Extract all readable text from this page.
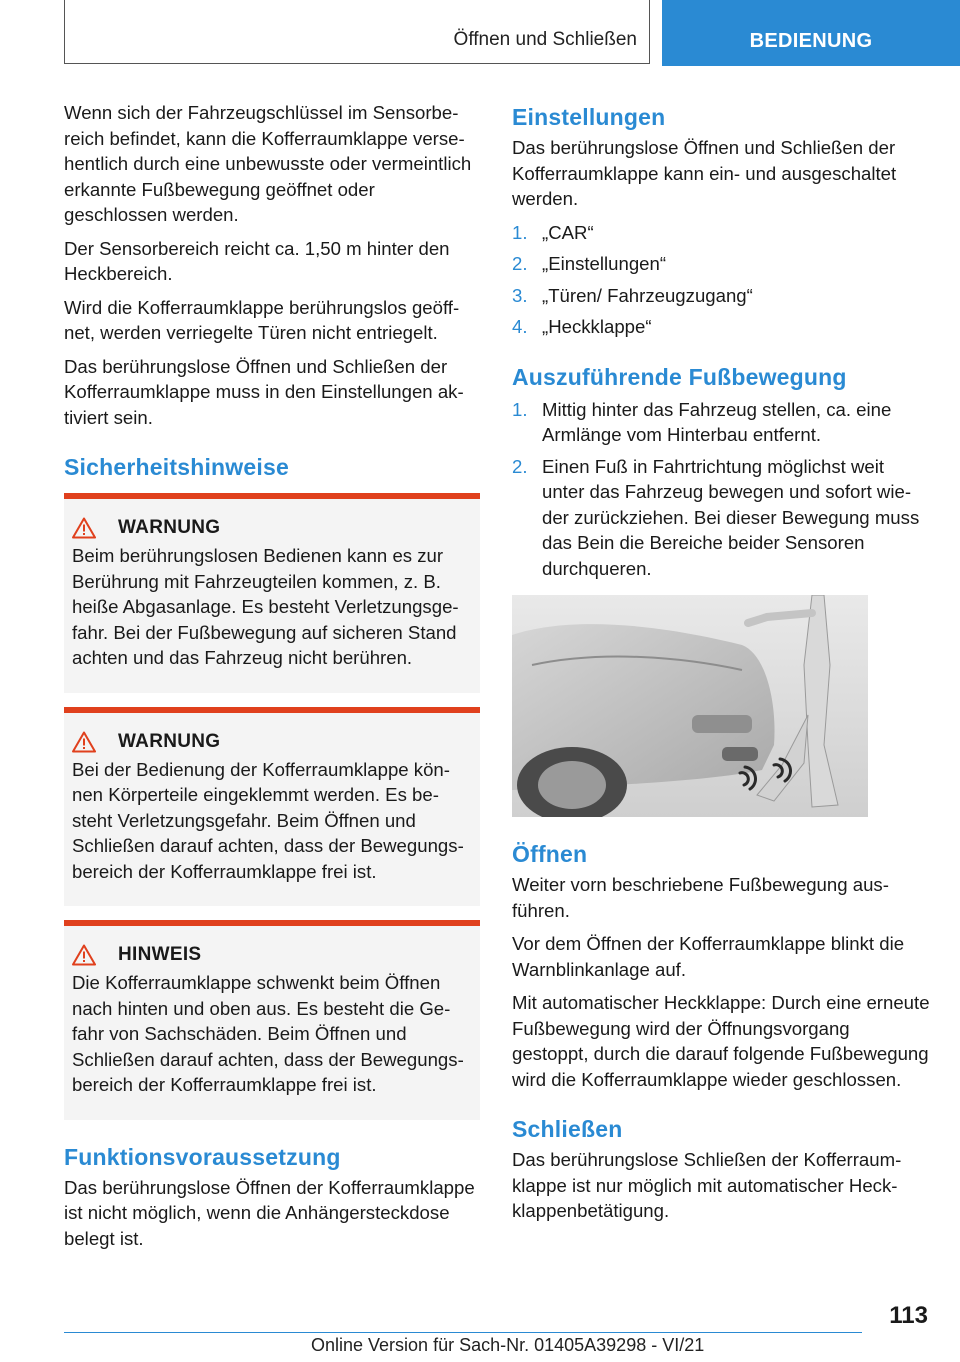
Öffnen und Schließen	BEDIENUNG

Wenn sich der Fahrzeugschlüssel im Sensorbereich befindet, kann die Kofferraumklappe versehentlich durch eine unbewusste oder vermeintlich erkannte Fußbewegung geöffnet oder geschlossen werden.

Der Sensorbereich reicht ca. 1,50 m hinter den Heckbereich.

Wird die Kofferraumklappe berührungslos geöffnet, werden verriegelte Türen nicht entriegelt.

Das berührungslose Öffnen und Schließen der Kofferraumklappe muss in den Einstellungen aktiviert sein.

Sicherheitshinweise
WARNUNG
Beim berührungslosen Bedienen kann es zur Berührung mit Fahrzeugteilen kommen, z. B. heiße Abgasanlage. Es besteht Verletzungsgefahr. Bei der Fußbewegung auf sicheren Stand achten und das Fahrzeug nicht berühren.
WARNUNG
Bei der Bedienung der Kofferraumklappe können Körperteile eingeklemmt werden. Es besteht Verletzungsgefahr. Beim Öffnen und Schließen darauf achten, dass der Bewegungsbereich der Kofferraumklappe frei ist.
HINWEIS
Die Kofferraumklappe schwenkt beim Öffnen nach hinten und oben aus. Es besteht die Gefahr von Sachschäden. Beim Öffnen und Schließen darauf achten, dass der Bewegungsbereich der Kofferraumklappe frei ist.
Funktionsvoraussetzung

Das berührungslose Öffnen der Kofferraumklappe ist nicht möglich, wenn die Anhängersteckdose belegt ist.

Einstellungen

Das berührungslose Öffnen und Schließen der Kofferraumklappe kann ein- und ausgeschaltet werden.

1. „CAR“
2. „Einstellungen“
3. „Türen/ Fahrzeugzugang“
4. „Heckklappe“
Auszuführende Fußbewegung
1. Mittig hinter das Fahrzeug stellen, ca. eine Armlänge vom Hinterbau entfernt.
2. Einen Fuß in Fahrtrichtung möglichst weit unter das Fahrzeug bewegen und sofort wieder zurückziehen. Bei dieser Bewegung muss das Bein die Bereiche beider Sensoren durchqueren.
Öffnen

Weiter vorn beschriebene Fußbewegung ausführen.

Vor dem Öffnen der Kofferraumklappe blinkt die Warnblinkanlage auf.

Mit automatischer Heckklappe: Durch eine erneute Fußbewegung wird der Öffnungsvorgang gestoppt, durch die darauf folgende Fußbewegung wird die Kofferraumklappe wieder geschlossen.

Schließen

Das berührungslose Schließen der Kofferraumklappe ist nur möglich mit automatischer Heckklappenbetätigung.

113
Online Version für Sach-Nr. 01405A39298 - VI/21
